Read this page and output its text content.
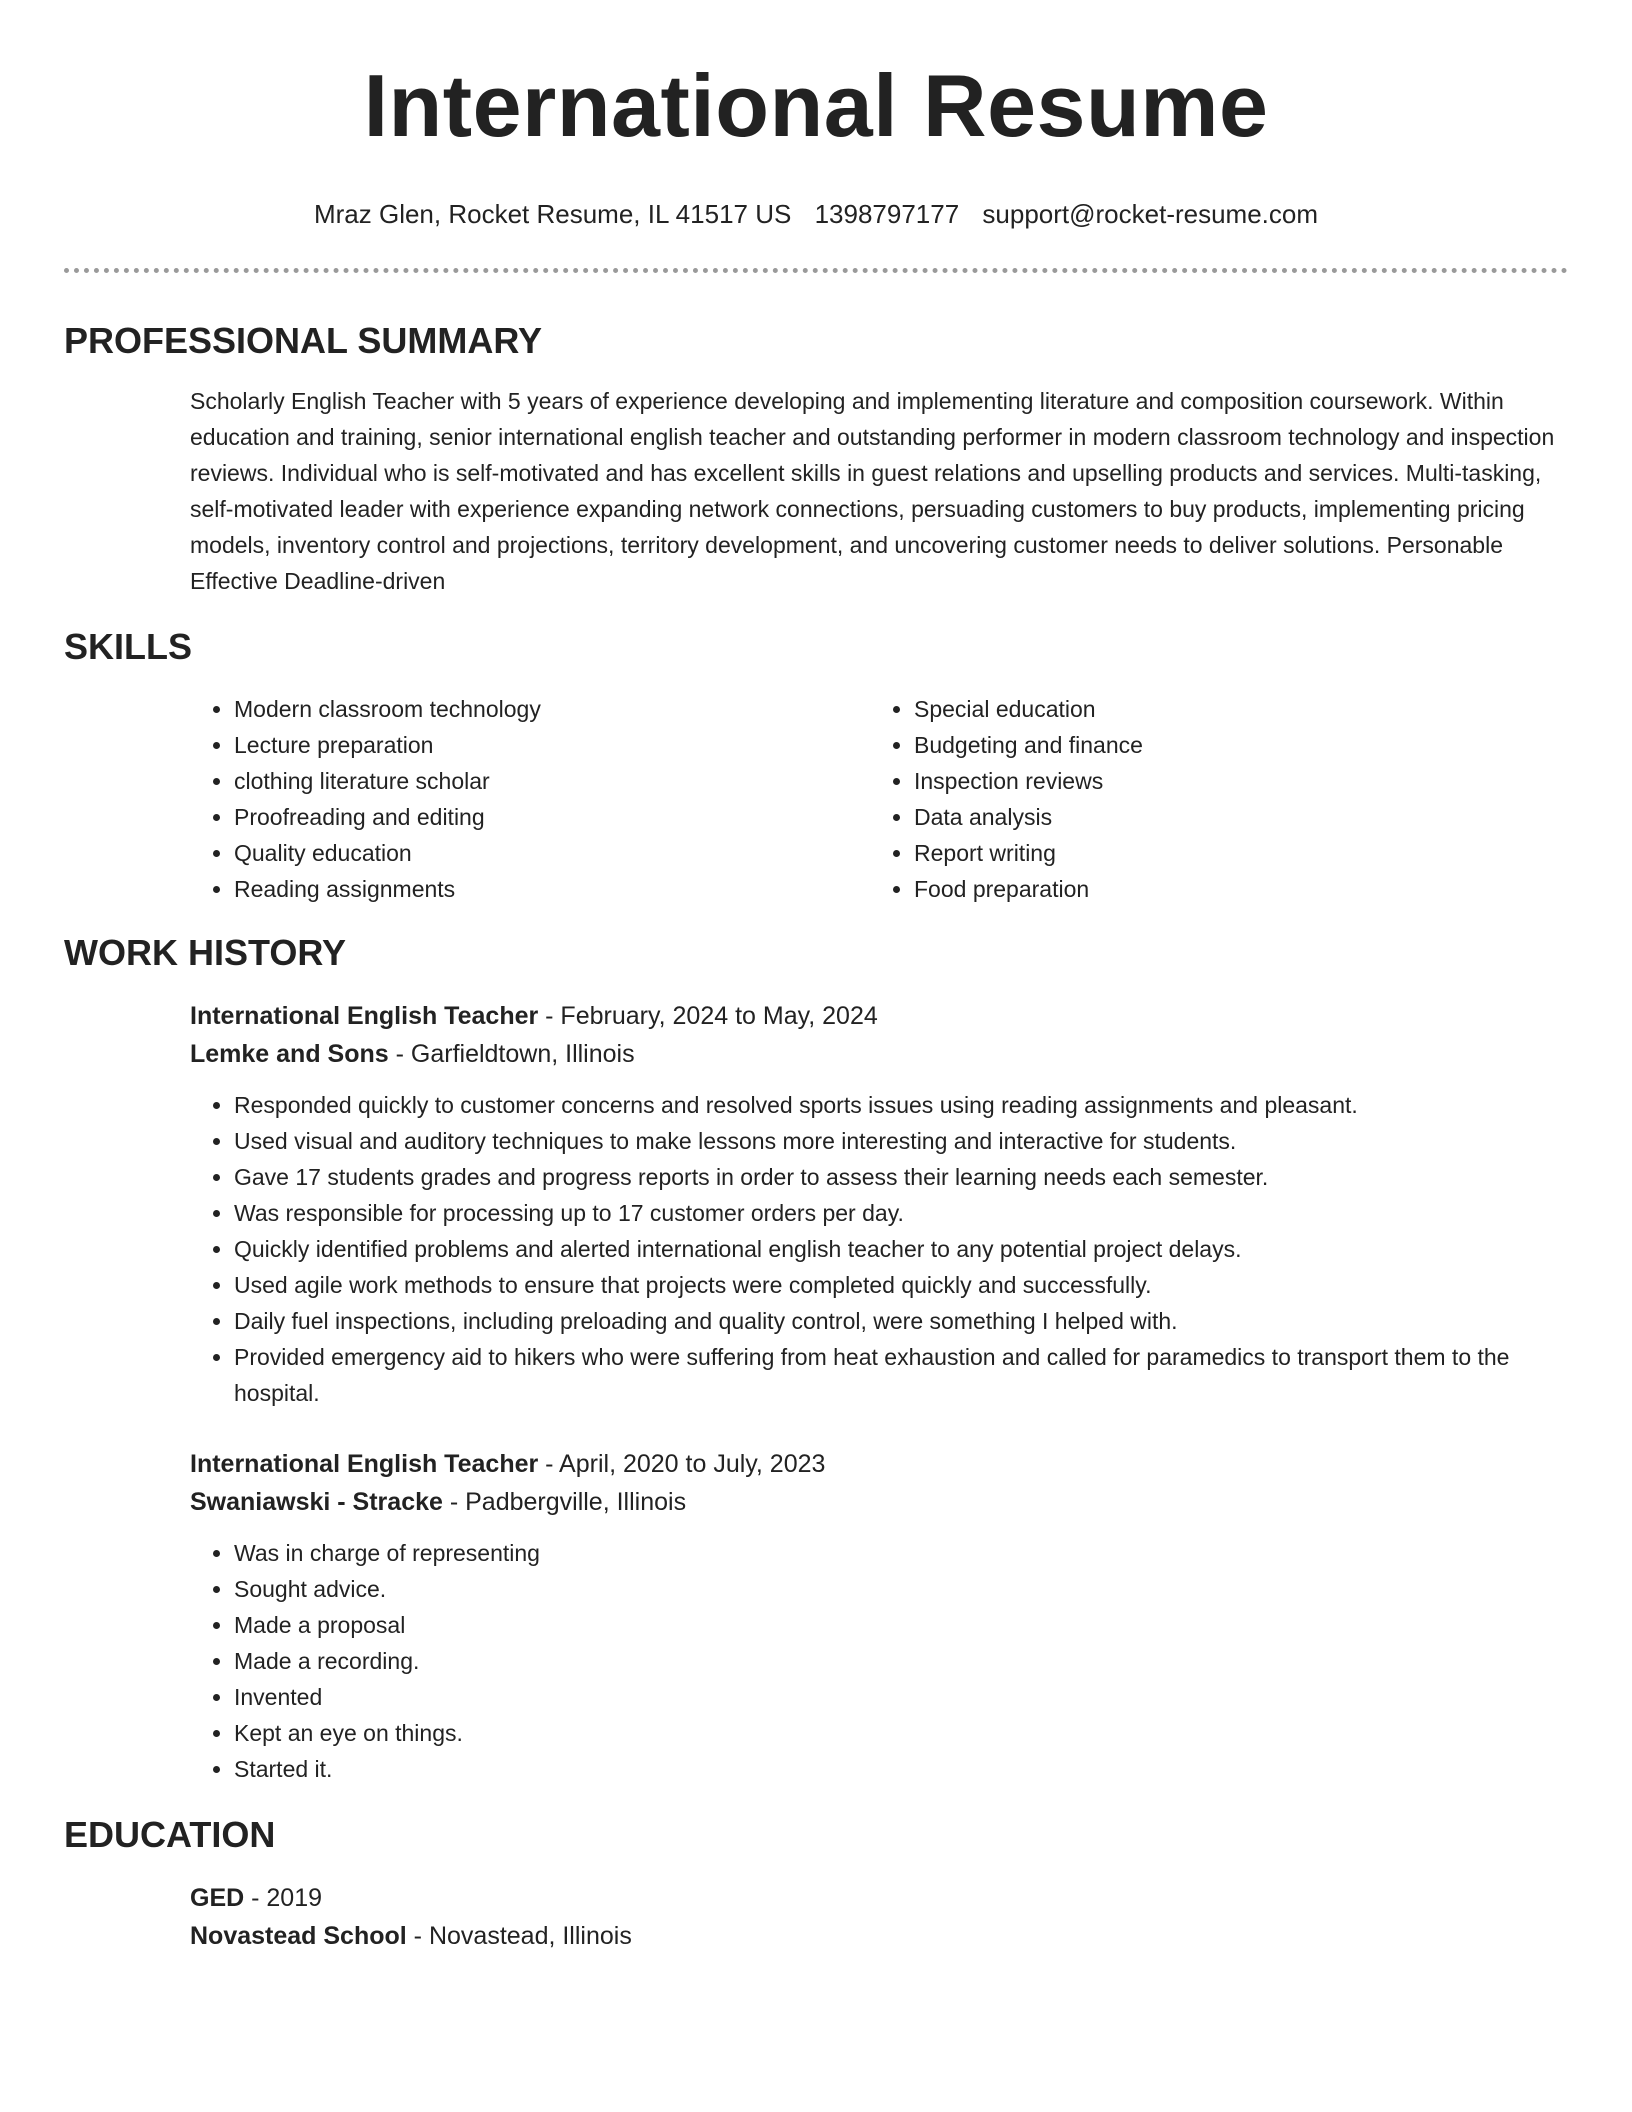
International Resume
Mraz Glen, Rocket Resume, IL 41517 US 1398797177 support@rocket-resume.com
PROFESSIONAL SUMMARY
Scholarly English Teacher with 5 years of experience developing and implementing literature and composition coursework. Within education and training, senior international english teacher and outstanding performer in modern classroom technology and inspection reviews. Individual who is self-motivated and has excellent skills in guest relations and upselling products and services. Multi-tasking, self-motivated leader with experience expanding network connections, persuading customers to buy products, implementing pricing models, inventory control and projections, territory development, and uncovering customer needs to deliver solutions. Personable Effective Deadline-driven
SKILLS
• Modern classroom technology
• Lecture preparation
• clothing literature scholar
• Proofreading and editing
• Quality education
• Reading assignments
• Special education
• Budgeting and finance
• Inspection reviews
• Data analysis
• Report writing
• Food preparation
WORK HISTORY
International English Teacher - February, 2024 to May, 2024
Lemke and Sons - Garfieldtown, Illinois
• Responded quickly to customer concerns and resolved sports issues using reading assignments and pleasant.
• Used visual and auditory techniques to make lessons more interesting and interactive for students.
• Gave 17 students grades and progress reports in order to assess their learning needs each semester.
• Was responsible for processing up to 17 customer orders per day.
• Quickly identified problems and alerted international english teacher to any potential project delays.
• Used agile work methods to ensure that projects were completed quickly and successfully.
• Daily fuel inspections, including preloading and quality control, were something I helped with.
• Provided emergency aid to hikers who were suffering from heat exhaustion and called for paramedics to transport them to the hospital.
International English Teacher - April, 2020 to July, 2023
Swaniawski - Stracke - Padbergville, Illinois
• Was in charge of representing
• Sought advice.
• Made a proposal
• Made a recording.
• Invented
• Kept an eye on things.
• Started it.
EDUCATION
GED - 2019
Novastead School - Novastead, Illinois
